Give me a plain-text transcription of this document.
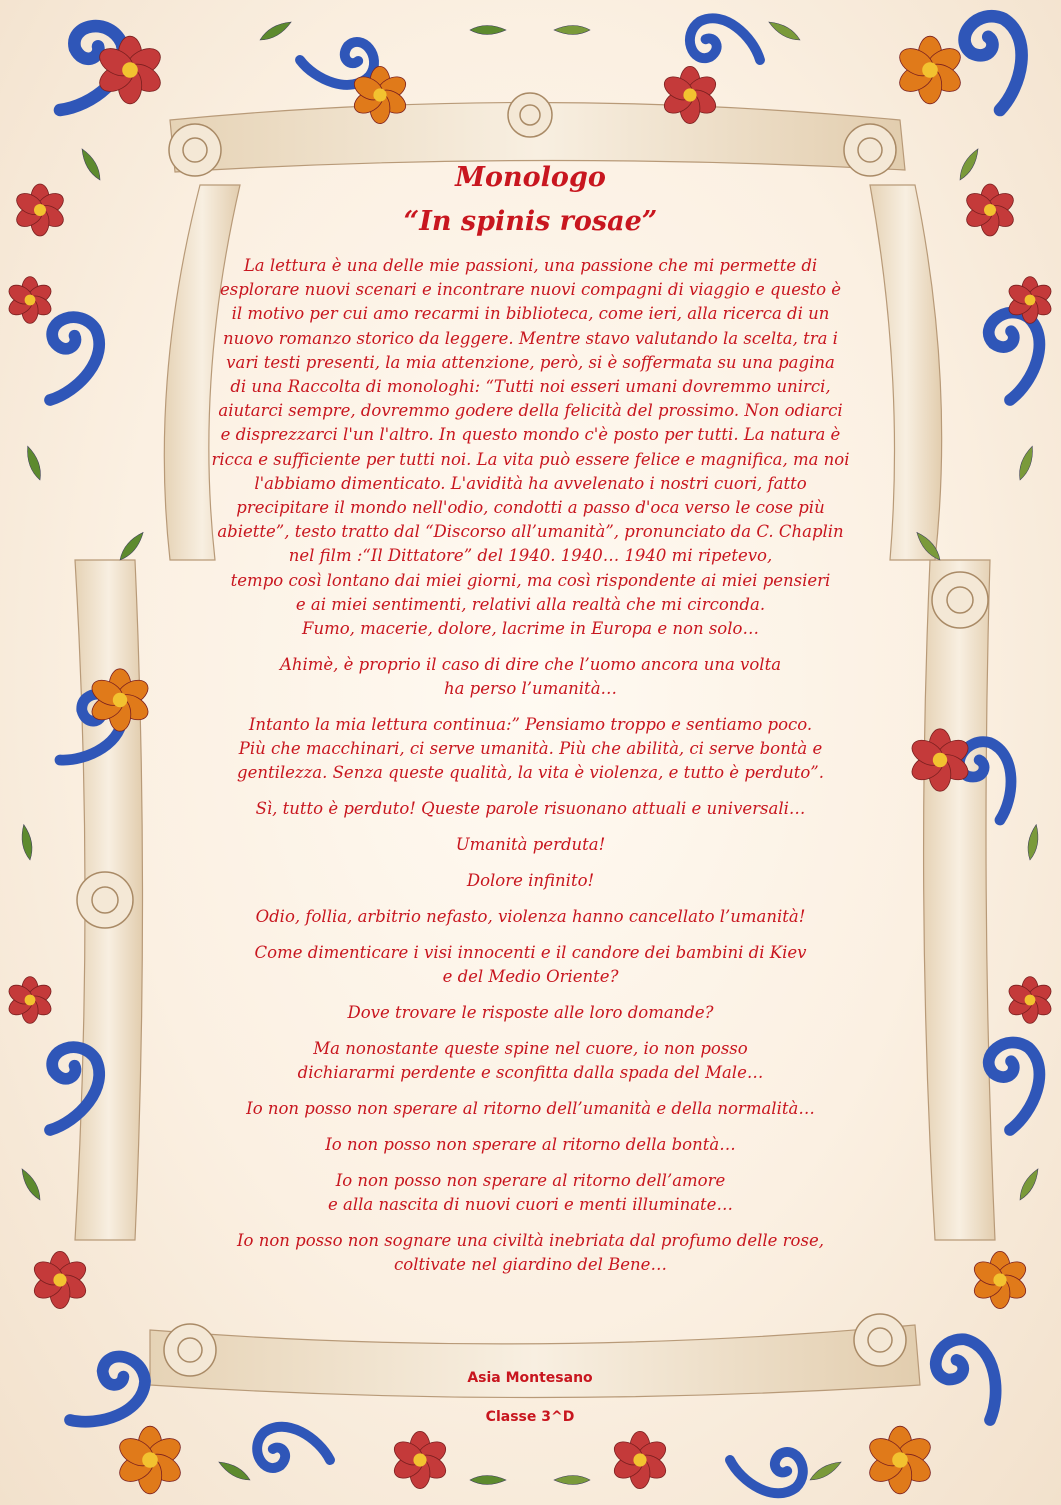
Monologo
“In spinis rosae”
La lettura è una delle mie passioni, una passione che mi permette di
esplorare nuovi scenari e incontrare nuovi compagni di viaggio e questo è
il motivo per cui amo recarmi in biblioteca, come ieri, alla ricerca di un
nuovo romanzo storico da leggere. Mentre stavo valutando la scelta, tra i
vari testi presenti, la mia attenzione, però, si è soffermata su una pagina
di una Raccolta di monologhi: “Tutti noi esseri umani dovremmo unirci,
aiutarci sempre, dovremmo godere della felicità del prossimo. Non odiarci
e disprezzarci l'un l'altro. In questo mondo c'è posto per tutti. La natura è
ricca e sufficiente per tutti noi. La vita può essere felice e magnifica, ma noi
l'abbiamo dimenticato. L'avidità ha avvelenato i nostri cuori, fatto
precipitare il mondo nell'odio, condotti a passo d'oca verso le cose più
abiette”, testo tratto dal “Discorso all’umanità”, pronunciato da C. Chaplin
nel film :“Il Dittatore” del 1940. 1940… 1940 mi ripetevo,
tempo così lontano dai miei giorni, ma così rispondente ai miei pensieri
e ai miei sentimenti, relativi alla realtà che mi circonda.
Fumo, macerie, dolore, lacrime in Europa e non solo…
Ahimè, è proprio il caso di dire che l’uomo ancora una volta
ha perso l’umanità…
Intanto la mia lettura continua:” Pensiamo troppo e sentiamo poco.
Più che macchinari, ci serve umanità. Più che abilità, ci serve bontà e
gentilezza. Senza queste qualità, la vita è violenza, e tutto è perduto”.
Sì, tutto è perduto! Queste parole risuonano attuali e universali…
Umanità perduta!
Dolore infinito!
Odio, follia, arbitrio nefasto, violenza hanno cancellato l’umanità!
Come dimenticare i visi innocenti e il candore dei bambini di Kiev
e del Medio Oriente?
Dove trovare le risposte alle loro domande?
Ma nonostante queste spine nel cuore, io non posso
dichiararmi perdente e sconfitta dalla spada del Male…
Io non posso non sperare al ritorno dell’umanità e della normalità…
Io non posso non sperare al ritorno della bontà…
Io non posso non sperare al ritorno dell’amore
e alla nascita di nuovi cuori e menti illuminate…
Io non posso non sognare una civiltà inebriata dal profumo delle rose,
coltivate nel giardino del Bene…
Asia Montesano
Classe 3^D
